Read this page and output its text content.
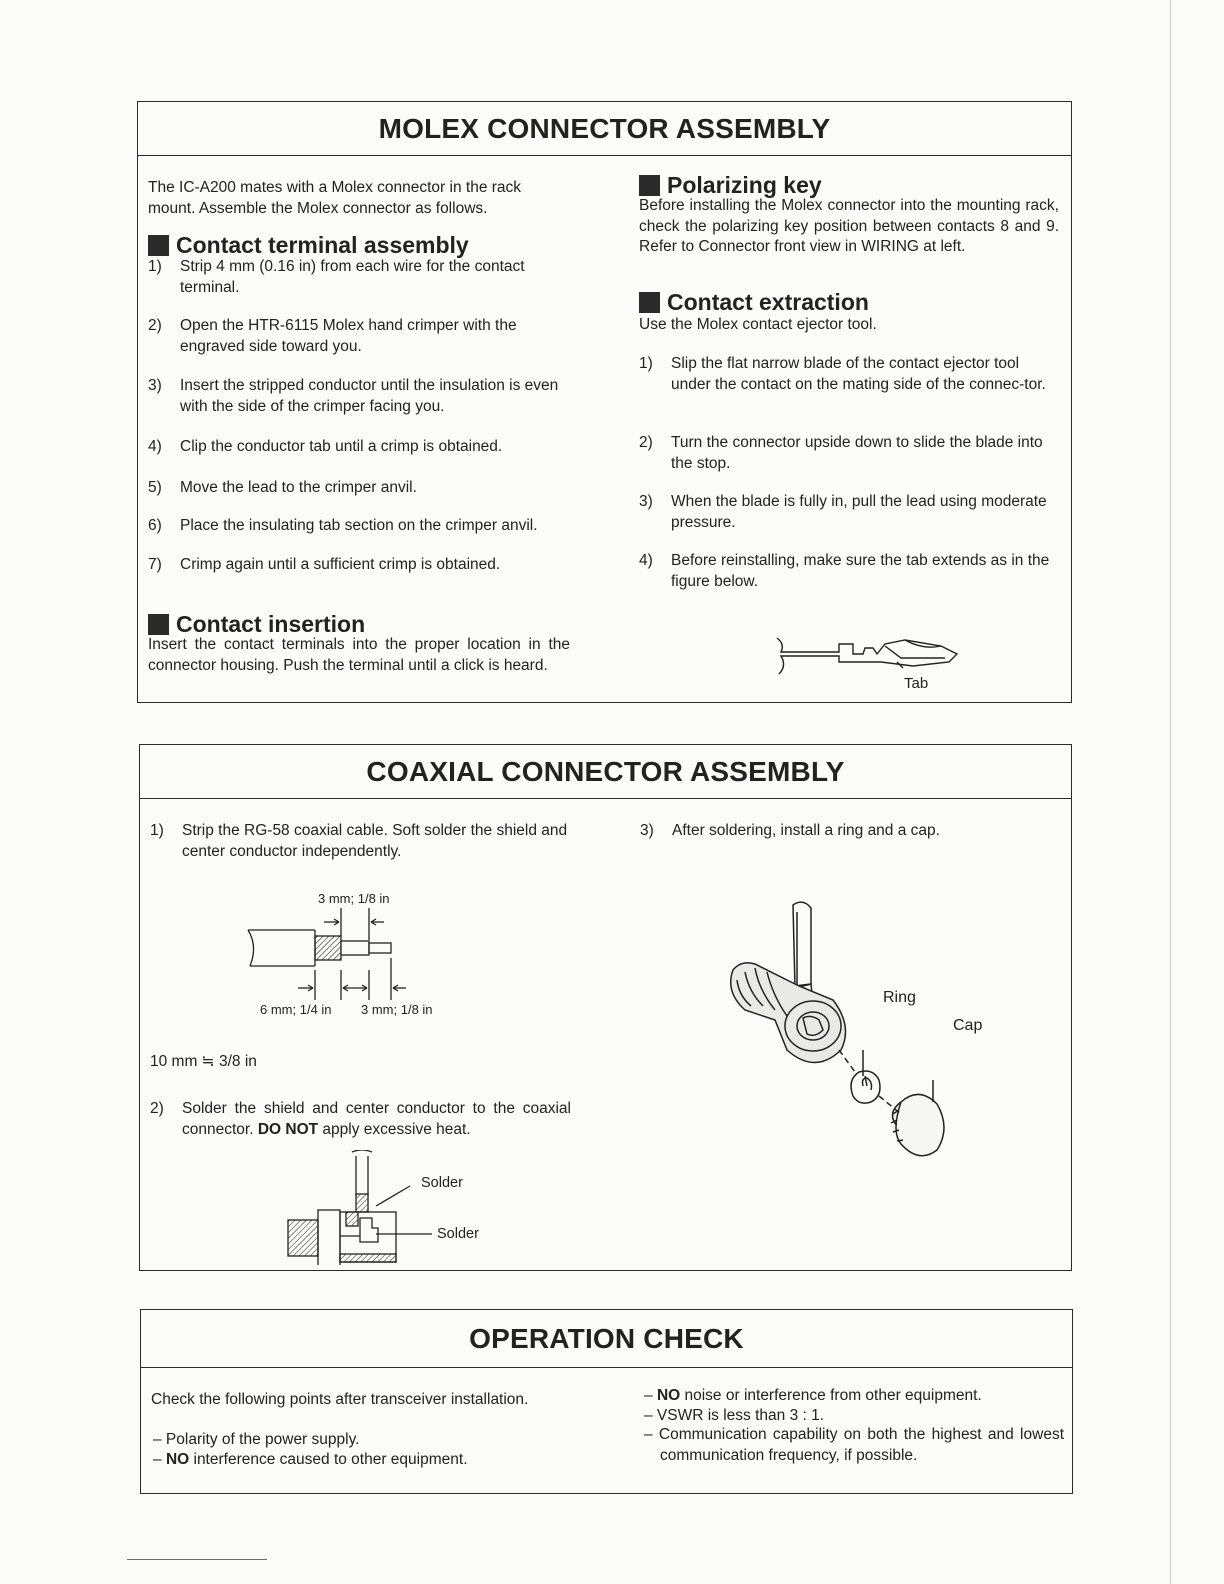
MOLEX CONNECTOR ASSEMBLY
The IC-A200 mates with a Molex connector in the rack mount. Assemble the Molex connector as follows.
Contact terminal assembly
1) Strip 4 mm (0.16 in) from each wire for the contact terminal.
2) Open the HTR-6115 Molex hand crimper with the engraved side toward you.
3) Insert the stripped conductor until the insulation is even with the side of the crimper facing you.
4) Clip the conductor tab until a crimp is obtained.
5) Move the lead to the crimper anvil.
6) Place the insulating tab section on the crimper anvil.
7) Crimp again until a sufficient crimp is obtained.
Contact insertion
Insert the contact terminals into the proper location in the connector housing. Push the terminal until a click is heard.
Polarizing key
Before installing the Molex connector into the mounting rack, check the polarizing key position between contacts 8 and 9. Refer to Connector front view in WIRING at left.
Contact extraction
Use the Molex contact ejector tool.
1) Slip the flat narrow blade of the contact ejector tool under the contact on the mating side of the connec-tor.
2) Turn the connector upside down to slide the blade into the stop.
3) When the blade is fully in, pull the lead using moderate pressure.
4) Before reinstalling, make sure the tab extends as in the figure below.
Tab
COAXIAL CONNECTOR ASSEMBLY
1) Strip the RG-58 coaxial cable. Soft solder the shield and center conductor independently.
3 mm; 1/8 in
6 mm; 1/4 in 3 mm; 1/8 in
10 mm ≒ 3/8 in
2) Solder the shield and center conductor to the coaxial connector. DO NOT apply excessive heat.
Solder
Solder
3) After soldering, install a ring and a cap.
Ring
Cap
OPERATION CHECK
Check the following points after transceiver installation.
– Polarity of the power supply.
– NO interference caused to other equipment.
– NO noise or interference from other equipment.
– VSWR is less than 3 : 1.
– Communication capability on both the highest and lowest communication frequency, if possible.
